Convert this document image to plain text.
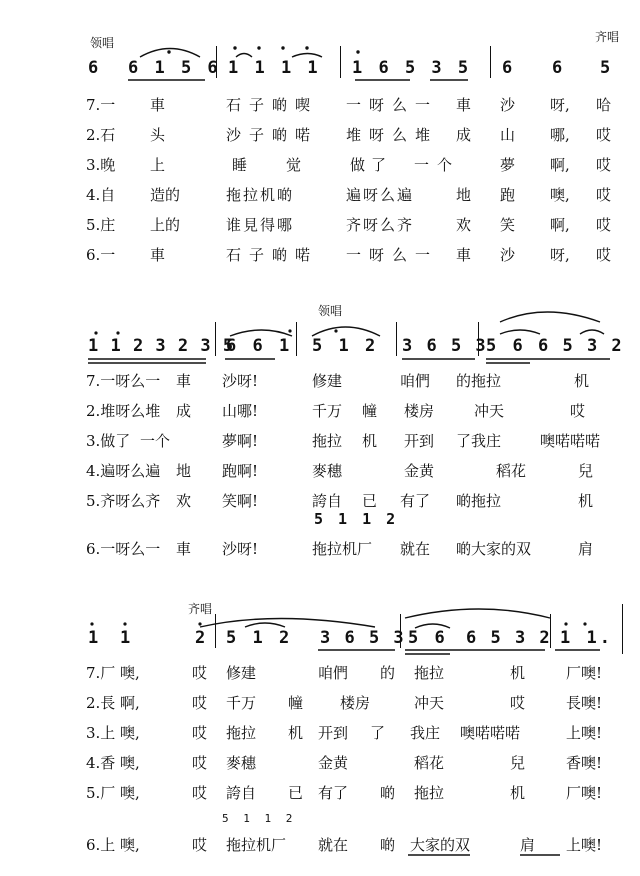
领唱	齐唱
6 6 1 5 6 1 1 1 1 1 6 5 3 5 6 6 5
7.一 車	石子啲喫 一呀么一 車 沙 呀, 哈
2.石 头	沙子啲喏 堆呀么堆 成 山 哪, 哎
3.晚 上	睡	觉	做了 一个	夢 啊, 哎
4.自 造的	拖拉机啲	遍呀么遍	地 跑 噢, 哎
5.庄 上的	谁見得哪	齐呀么齐	欢 笑 啊, 哎
6.一 車	石子啲喏 一呀么一 車 沙 呀, 哎
领唱
1 1 2 3 2 3 5
6 6 1 5 1 2 3 6 5 3
5 6 6 5 3 2
7.一呀么一 車 沙呀!	修建	咱們 的拖拉	机
2.堆呀么堆 成 山哪!	千万 幢 楼房	冲天	哎
3.做了 一个	夢啊!	拖拉 机 开到 了我庄	噢喏喏喏
4.遍呀么遍 地 跑啊!	麥穗	金黄	稻花	兒
5.齐呀么齐 欢 笑啊!	誇自 已 有了 啲拖拉	机
5 1 1 2
6.一呀么一 車 沙呀!	拖拉机厂 就在 啲大家的双	肩
齐唱
1 1	2 5 1 2 3 6 5 3 5 6 6 5 3 2 1 1.
7.厂 噢,	哎 修建	咱們 的 拖拉	机	厂噢!
2.長 啊,	哎 千万 幢 楼房	冲天	哎	長噢!
3.上 噢,	哎 拖拉 机 开到 了 我庄 噢喏喏喏	上噢!
4.香 噢,	哎 麥穗	金黄	稻花	兒	香噢!
5.厂 噢,	哎 誇自 已 有了 啲 拖拉	机	厂噢!
5 1 1 2
6.上 噢,	哎 拖拉机厂 就在 啲 大家的双	肩 上噢!
